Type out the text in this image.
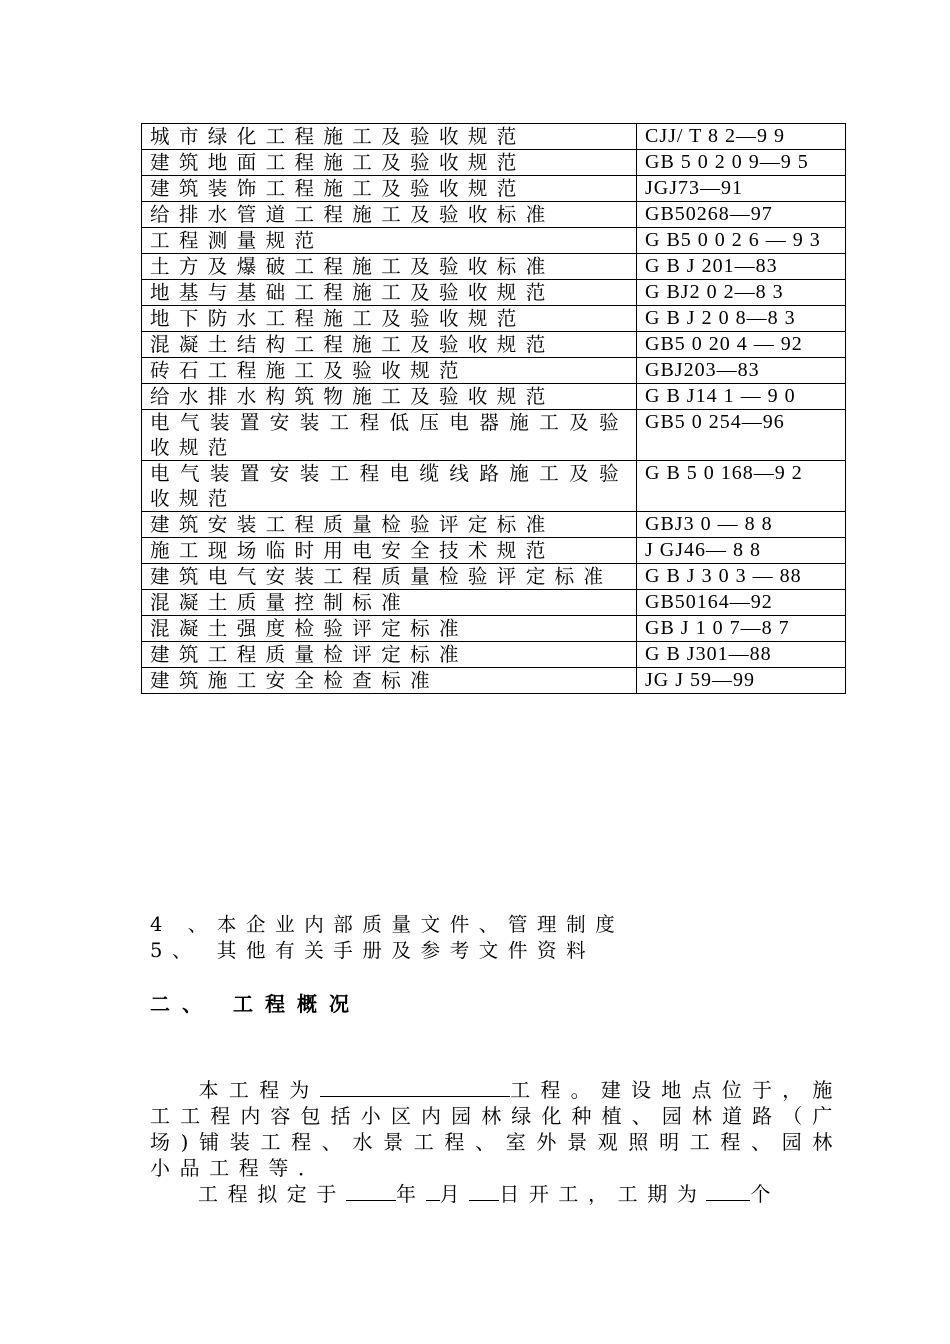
城市绿化工程施工及验收规范	CJJ/ T 8 2—9 9
建筑地面工程施工及验收规范	GB 5 0 2 0 9—9 5
建筑装饰工程施工及验收规范	JGJ73—91
给排水管道工程施工及验收标准	GB50268—97
工程测量规范	G B5 0 0 2 6 — 9 3
土方及爆破工程施工及验收标准	G B J 201—83
地基与基础工程施工及验收规范	G BJ2 0 2—8 3
地下防水工程施工及验收规范	G B J 2 0 8—8 3
混凝土结构工程施工及验收规范	GB5 0 20 4 — 92
砖石工程施工及验收规范	GBJ203—83
给水排水构筑物施工及验收规范	G B J14 1 — 9 0
电气装置安装工程低压电器施工及验收规范	GB5 0 254—96
电气装置安装工程电缆线路施工及验收规范	G B 5 0 168—9 2
建筑安装工程质量检验评定标准	GBJ3 0 — 8 8
施工现场临时用电安全技术规范	J GJ46— 8 8
建筑电气安装工程质量检验评定标准	G B J 3 0 3 — 88
混凝土质量控制标准	GB50164—92
混凝土强度检验评定标准	GB J 1 0 7—8 7
建筑工程质量检评定标准	G B J301—88
建筑施工安全检查标准	JG J 59—99
4 、本企业内部质量文件、管理制度
5、 其他有关手册及参考文件资料
二、 工程概况
本工程为	工程。建设地点位于，施工工程内容包括小区内园林绿化种植、园林道路（广场)铺装工程、水景工程、室外景观照明工程、园林小品工程等．
工程拟定于	年 月 日开工，工期为 个
